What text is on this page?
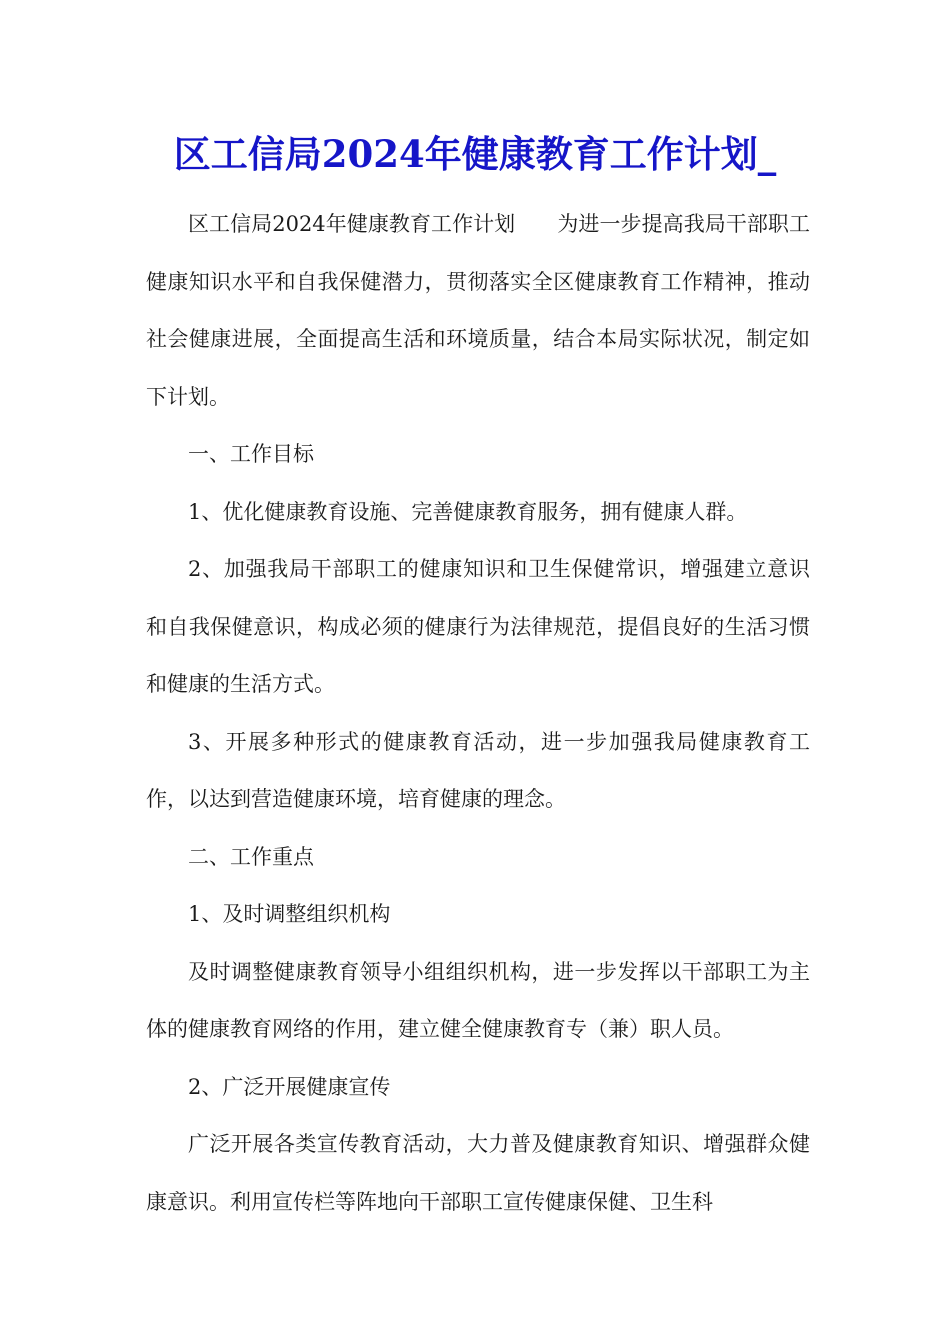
区工信局2024年健康教育工作计划_

区工信局2024年健康教育工作计划　　为进一步提高我局干部职工健康知识水平和自我保健潜力，贯彻落实全区健康教育工作精神，推动社会健康进展，全面提高生活和环境质量，结合本局实际状况，制定如下计划。

一、工作目标

1、优化健康教育设施、完善健康教育服务，拥有健康人群。

2、加强我局干部职工的健康知识和卫生保健常识，增强建立意识和自我保健意识，构成必须的健康行为法律规范，提倡良好的生活习惯和健康的生活方式。

3、开展多种形式的健康教育活动，进一步加强我局健康教育工作，以达到营造健康环境，培育健康的理念。

二、工作重点

1、及时调整组织机构

及时调整健康教育领导小组组织机构，进一步发挥以干部职工为主体的健康教育网络的作用，建立健全健康教育专（兼）职人员。

2、广泛开展健康宣传

广泛开展各类宣传教育活动，大力普及健康教育知识、增强群众健康意识。利用宣传栏等阵地向干部职工宣传健康保健、卫生科
